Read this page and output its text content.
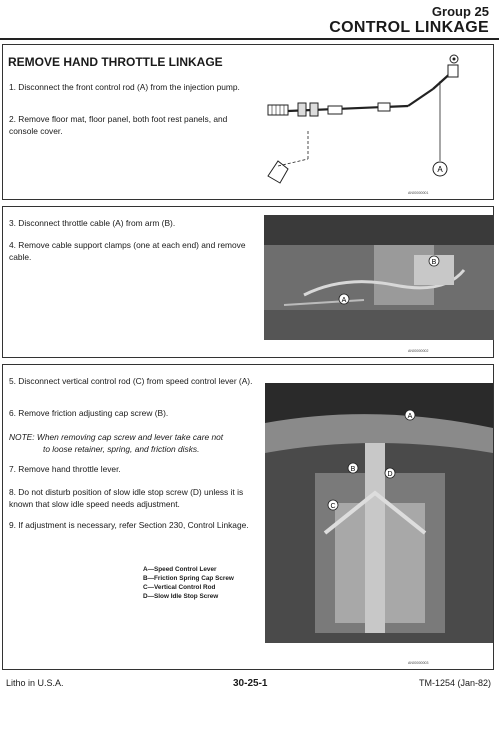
Group 25
CONTROL LINKAGE
REMOVE HAND THROTTLE LINKAGE
1. Disconnect the front control rod (A) from the injection pump.
2. Remove floor mat, floor panel, both foot rest panels, and console cover.
A
AN00000001
3. Disconnect throttle cable (A) from arm (B).
4. Remove cable support clamps (one at each end) and remove cable.
A
B
AN00000002
5. Disconnect vertical control rod (C) from speed control lever (A).
6. Remove friction adjusting cap screw (B).
NOTE: When removing cap screw and lever take care not
to loose retainer, spring, and friction disks.
7. Remove hand throttle lever.
8. Do not disturb position of slow idle stop screw (D) unless it is known that slow idle speed needs adjustment.
9. If adjustment is necessary, refer Section 230, Control Linkage.
A—Speed Control Lever
B—Friction Spring Cap Screw
C—Vertical Control Rod
D—Slow Idle Stop Screw
A
B
D
C
AN00000003
Litho in U.S.A.	30-25-1	TM-1254 (Jan-82)
